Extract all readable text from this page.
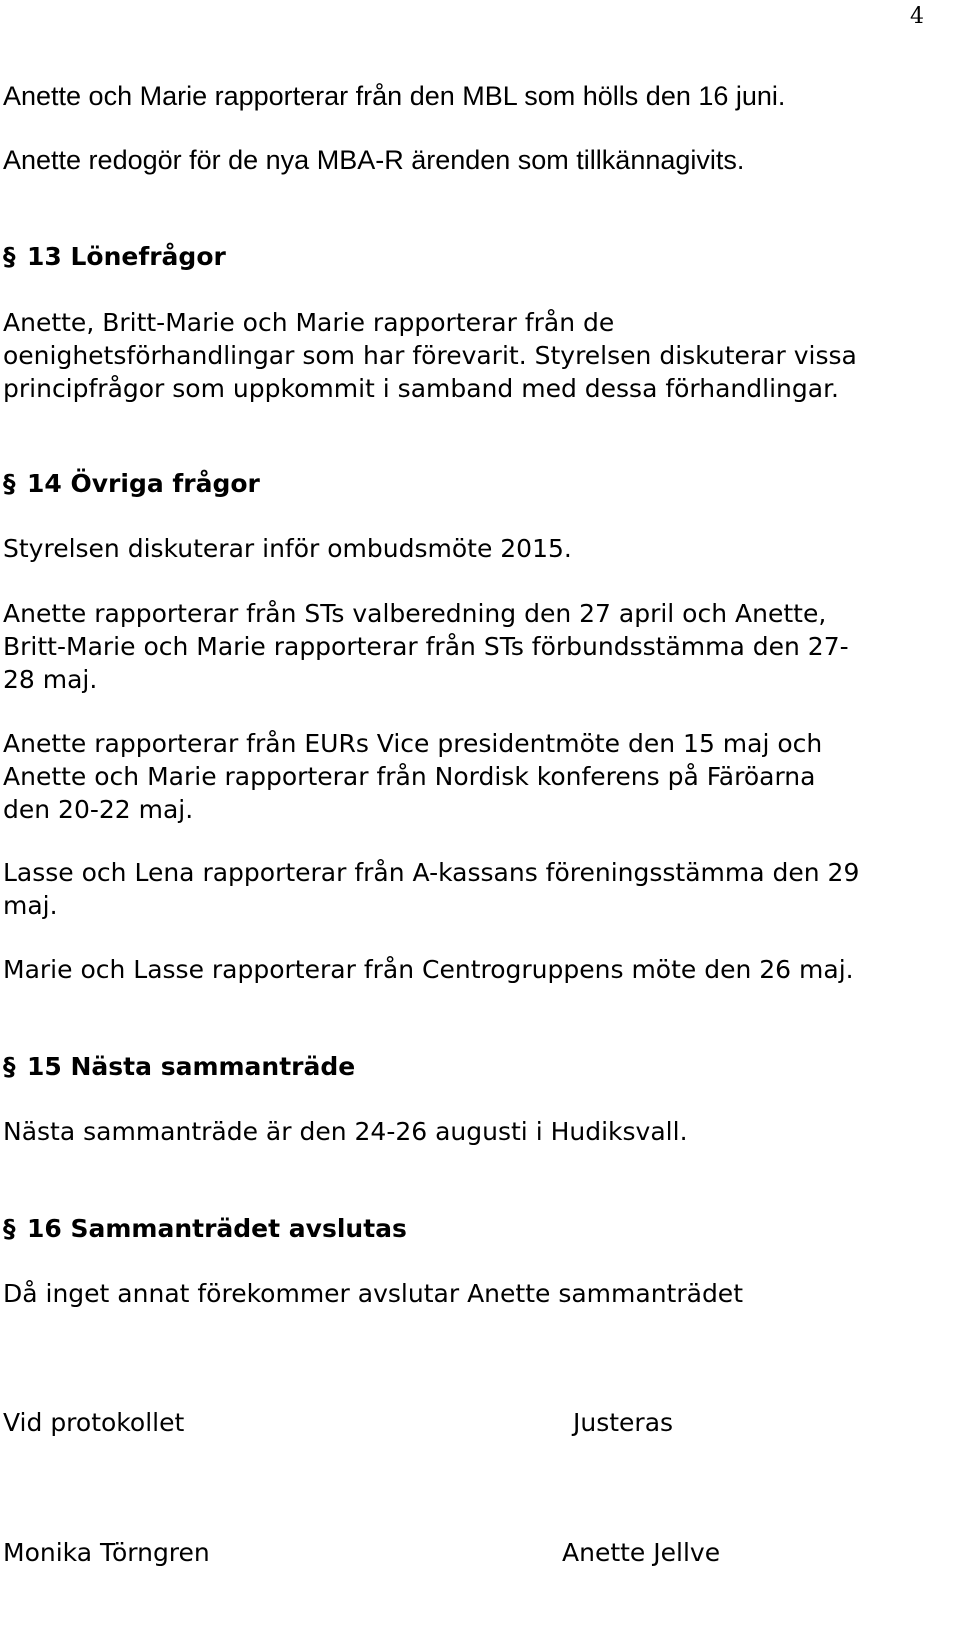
4
Anette och Marie rapporterar från den MBL som hölls den 16 juni.
Anette redogör för de nya MBA-R ärenden som tillkännagivits.
§ 13 Lönefrågor
Anette, Britt-Marie och Marie rapporterar från de
oenighetsförhandlingar som har förevarit. Styrelsen diskuterar vissa
principfrågor som uppkommit i samband med dessa förhandlingar.
§ 14 Övriga frågor
Styrelsen diskuterar inför ombudsmöte 2015.
Anette rapporterar från STs valberedning den 27 april och Anette,
Britt-Marie och Marie rapporterar från STs förbundsstämma den 27-
28 maj.
Anette rapporterar från EURs Vice presidentmöte den 15 maj och
Anette och Marie rapporterar från Nordisk konferens på Färöarna
den 20-22 maj.
Lasse och Lena rapporterar från A-kassans föreningsstämma den 29
maj.
Marie och Lasse rapporterar från Centrogruppens möte den 26 maj.
§ 15 Nästa sammanträde
Nästa sammanträde är den 24-26 augusti i Hudiksvall.
§ 16 Sammanträdet avslutas
Då inget annat förekommer avslutar Anette sammanträdet
Vid protokollet	Justeras
Monika Törngren	Anette Jellve
